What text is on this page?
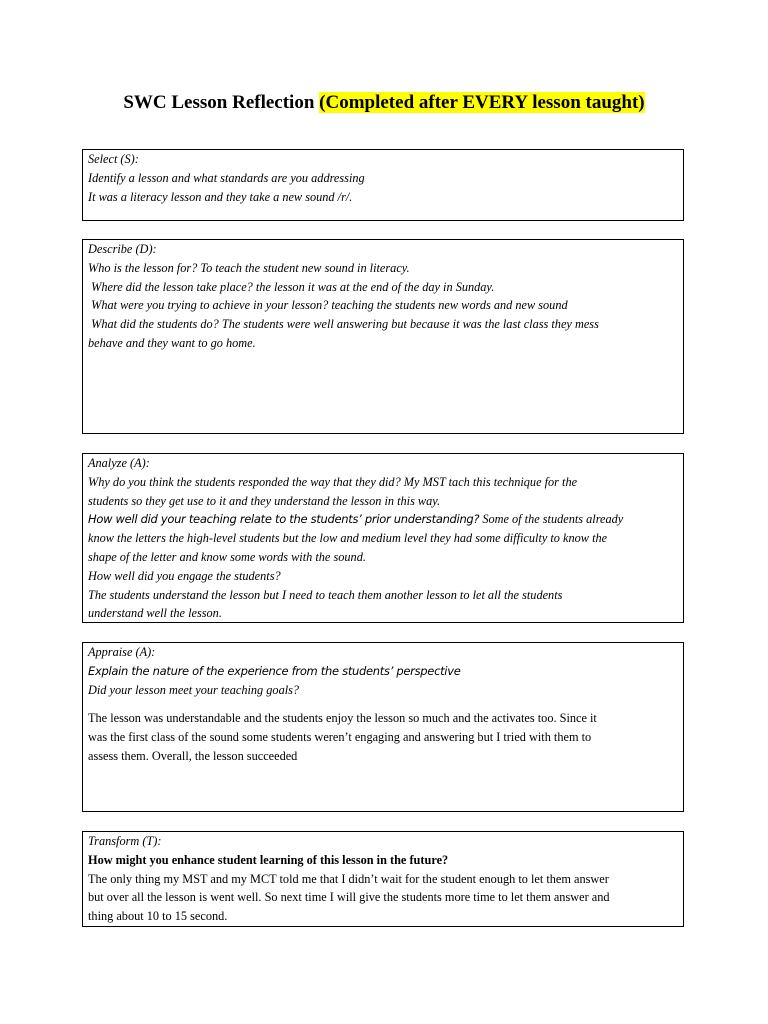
SWC Lesson Reflection (Completed after EVERY lesson taught)
Select (S):
Identify a lesson and what standards are you addressing
It was a literacy lesson and they take a new sound /r/.
Describe (D):
Who is the lesson for? To teach the student new sound in literacy.
Where did the lesson take place? the lesson it was at the end of the day in Sunday.
What were you trying to achieve in your lesson? teaching the students new words and new sound
What did the students do? The students were well answering but because it was the last class they mess
behave and they want to go home.
Analyze (A):
Why do you think the students responded the way that they did? My MST tach this technique for the
students so they get use to it and they understand the lesson in this way.
How well did your teaching relate to the students’ prior understanding? Some of the students already
know the letters the high-level students but the low and medium level they had some difficulty to know the
shape of the letter and know some words with the sound.
How well did you engage the students?
The students understand the lesson but I need to teach them another lesson to let all the students
understand well the lesson.
Appraise (A):
Explain the nature of the experience from the students’ perspective
Did your lesson meet your teaching goals?
The lesson was understandable and the students enjoy the lesson so much and the activates too. Since it
was the first class of the sound some students weren’t engaging and answering but I tried with them to
assess them. Overall, the lesson succeeded
Transform (T):
How might you enhance student learning of this lesson in the future?
The only thing my MST and my MCT told me that I didn’t wait for the student enough to let them answer
but over all the lesson is went well. So next time I will give the students more time to let them answer and
thing about 10 to 15 second.
